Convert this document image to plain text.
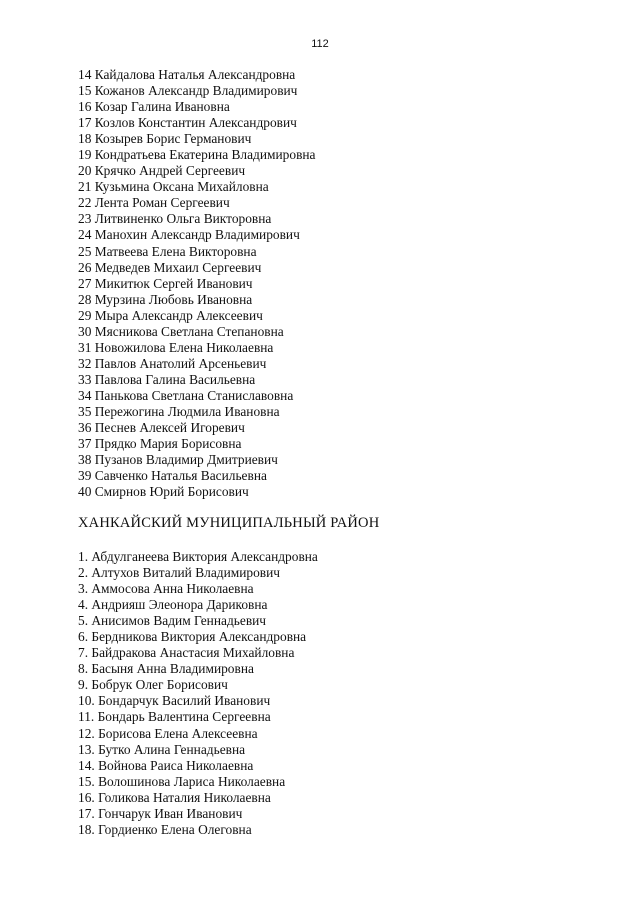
112
14 Кайдалова Наталья Александровна
15 Кожанов Александр Владимирович
16 Козар Галина Ивановна
17 Козлов Константин Александрович
18 Козырев Борис Германович
19 Кондратьева Екатерина Владимировна
20 Крячко Андрей Сергеевич
21 Кузьмина Оксана Михайловна
22 Лента Роман Сергеевич
23 Литвиненко Ольга Викторовна
24 Манохин Александр Владимирович
25 Матвеева Елена Викторовна
26 Медведев Михаил Сергеевич
27 Микитюк Сергей Иванович
28 Мурзина Любовь Ивановна
29 Мыра Александр Алексеевич
30 Мясникова Светлана Степановна
31 Новожилова Елена Николаевна
32 Павлов Анатолий Арсеньевич
33 Павлова Галина Васильевна
34 Панькова Светлана Станиславовна
35 Пережогина Людмила Ивановна
36 Песнев Алексей Игоревич
37 Прядко Мария Борисовна
38 Пузанов Владимир Дмитриевич
39 Савченко Наталья Васильевна
40 Смирнов Юрий Борисович
ХАНКАЙСКИЙ МУНИЦИПАЛЬНЫЙ РАЙОН
1. Абдулганеева Виктория Александровна
2. Алтухов Виталий Владимирович
3. Аммосова Анна Николаевна
4. Андрияш Элеонора Дариковна
5. Анисимов Вадим Геннадьевич
6. Бердникова Виктория Александровна
7. Байдракова Анастасия Михайловна
8. Басыня Анна Владимировна
9. Бобрук Олег Борисович
10. Бондарчук Василий Иванович
11. Бондарь Валентина Сергеевна
12. Борисова Елена Алексеевна
13. Бутко Алина Геннадьевна
14. Войнова Раиса Николаевна
15. Волошинова Лариса Николаевна
16. Голикова Наталия Николаевна
17. Гончарук Иван Иванович
18. Гордиенко Елена Олеговна
